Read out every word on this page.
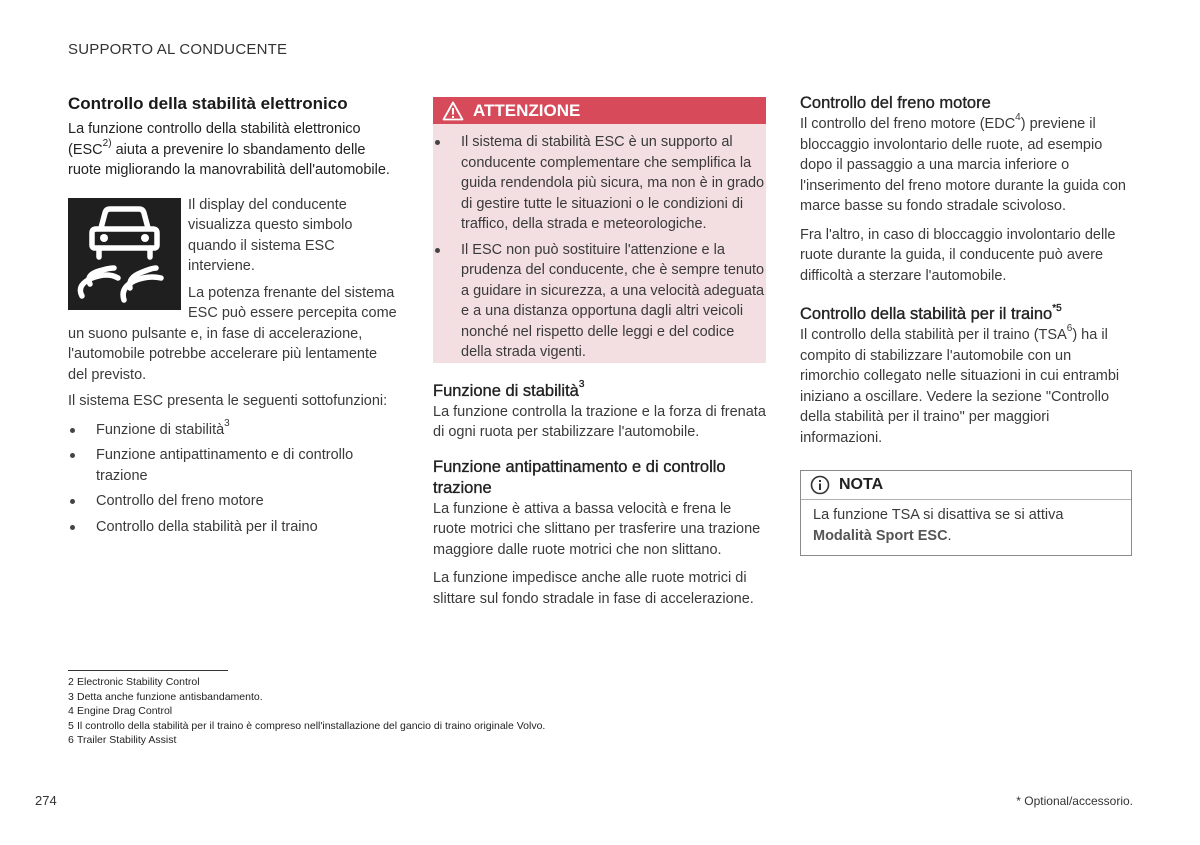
SUPPORTO AL CONDUCENTE
Controllo della stabilità elettronico

La funzione controllo della stabilità elettronico (ESC$^{2)}$ aiuta a prevenire lo sbandamento delle ruote migliorando la manovrabilità dell'automobile.

Il display del conducente visualizza questo simbolo quando il sistema ESC interviene.

La potenza frenante del sistema ESC può essere percepita come un suono pulsante e, in fase di accelerazione, l'automobile potrebbe accelerare più lentamente del previsto.

Il sistema ESC presenta le seguenti sottofunzioni:

Funzione di stabilità$^3$
Funzione antipattinamento e di controllo trazione
Controllo del freno motore
Controllo della stabilità per il traino
ATTENZIONE
Il sistema di stabilità ESC è un supporto al conducente complementare che semplifica la guida rendendola più sicura, ma non è in grado di gestire tutte le situazioni o le condizioni di traffico, della strada e meteorologiche.
Il ESC non può sostituire l'attenzione e la prudenza del conducente, che è sempre tenuto a guidare in sicurezza, a una velocità adeguata e a una distanza opportuna dagli altri veicoli nonché nel rispetto delle leggi e del codice della strada vigenti.
Funzione di stabilità$^3$

La funzione controlla la trazione e la forza di frenata di ogni ruota per stabilizzare l'automobile.

Funzione antipattinamento e di controllo trazione

La funzione è attiva a bassa velocità e frena le ruote motrici che slittano per trasferire una trazione maggiore dalle ruote motrici che non slittano.

La funzione impedisce anche alle ruote motrici di slittare sul fondo stradale in fase di accelerazione.

Controllo del freno motore

Il controllo del freno motore (EDC$^4$) previene il bloccaggio involontario delle ruote, ad esempio dopo il passaggio a una marcia inferiore o l'inserimento del freno motore durante la guida con marce basse su fondo stradale scivoloso.

Fra l'altro, in caso di bloccaggio involontario delle ruote durante la guida, il conducente può avere difficoltà a sterzare l'automobile.

Controllo della stabilità per il traino$^{*5}$

Il controllo della stabilità per il traino (TSA$^6$) ha il compito di stabilizzare l'automobile con un rimorchio collegato nelle situazioni in cui entrambi iniziano a oscillare. Vedere la sezione "Controllo della stabilità per il traino" per maggiori informazioni.

NOTA

La funzione TSA si disattiva se si attiva Modalità Sport ESC.

2 Electronic Stability Control
3 Detta anche funzione antisbandamento.
4 Engine Drag Control
5 Il controllo della stabilità per il traino è compreso nell'installazione del gancio di traino originale Volvo.
6 Trailer Stability Assist
274	* Optional/accessorio.
